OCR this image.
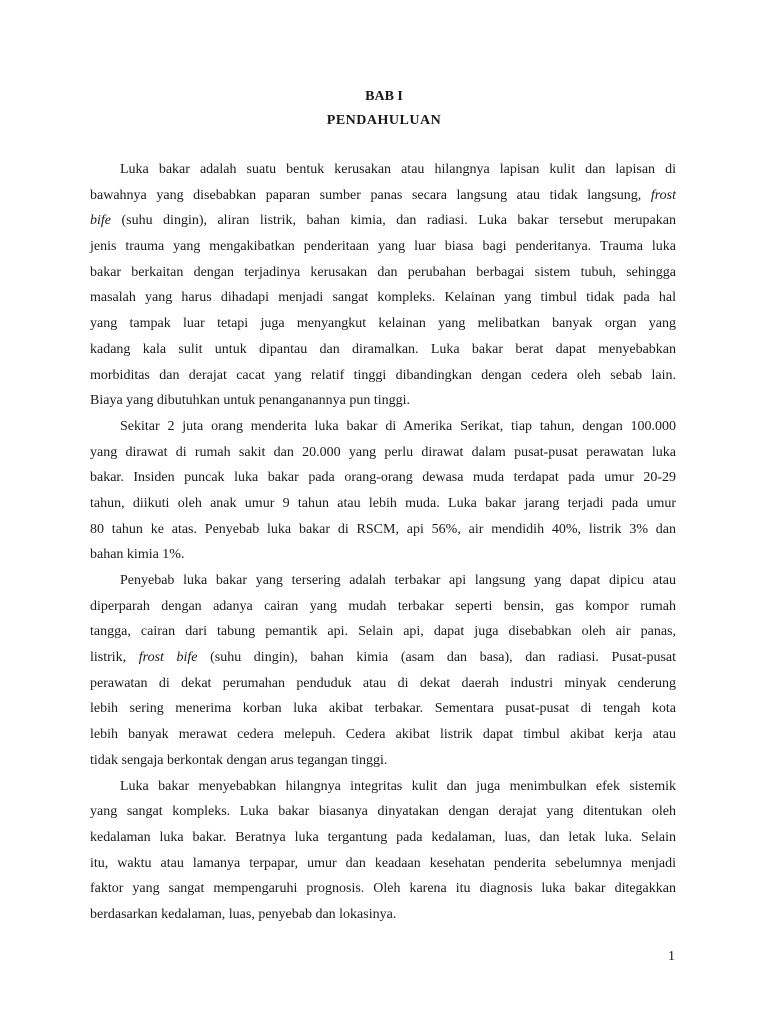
BAB I
PENDAHULUAN
Luka bakar adalah suatu bentuk kerusakan atau hilangnya lapisan kulit dan lapisan di
bawahnya yang disebabkan paparan sumber panas secara langsung atau tidak langsung, frost
bife (suhu dingin), aliran listrik, bahan kimia, dan radiasi. Luka bakar tersebut merupakan
jenis trauma yang mengakibatkan penderitaan yang luar biasa bagi penderitanya. Trauma luka
bakar berkaitan dengan terjadinya kerusakan dan perubahan berbagai sistem tubuh, sehingga
masalah yang harus dihadapi menjadi sangat kompleks. Kelainan yang timbul tidak pada hal
yang tampak luar tetapi juga menyangkut kelainan yang melibatkan banyak organ yang
kadang kala sulit untuk dipantau dan diramalkan. Luka bakar berat dapat menyebabkan
morbiditas dan derajat cacat yang relatif tinggi dibandingkan dengan cedera oleh sebab lain.
Biaya yang dibutuhkan untuk penanganannya pun tinggi.
Sekitar 2 juta orang menderita luka bakar di Amerika Serikat, tiap tahun, dengan 100.000
yang dirawat di rumah sakit dan 20.000 yang perlu dirawat dalam pusat-pusat perawatan luka
bakar. Insiden puncak luka bakar pada orang-orang dewasa muda terdapat pada umur 20-29
tahun, diikuti oleh anak umur 9 tahun atau lebih muda. Luka bakar jarang terjadi pada umur
80 tahun ke atas. Penyebab luka bakar di RSCM, api 56%, air mendidih 40%, listrik 3% dan
bahan kimia 1%.
Penyebab luka bakar yang tersering adalah terbakar api langsung yang dapat dipicu atau
diperparah dengan adanya cairan yang mudah terbakar seperti bensin, gas kompor rumah
tangga, cairan dari tabung pemantik api. Selain api, dapat juga disebabkan oleh air panas,
listrik, frost bife (suhu dingin), bahan kimia (asam dan basa), dan radiasi. Pusat-pusat
perawatan di dekat perumahan penduduk atau di dekat daerah industri minyak cenderung
lebih sering menerima korban luka akibat terbakar. Sementara pusat-pusat di tengah kota
lebih banyak merawat cedera melepuh. Cedera akibat listrik dapat timbul akibat kerja atau
tidak sengaja berkontak dengan arus tegangan tinggi.
Luka bakar menyebabkan hilangnya integritas kulit dan juga menimbulkan efek sistemik
yang sangat kompleks. Luka bakar biasanya dinyatakan dengan derajat yang ditentukan oleh
kedalaman luka bakar. Beratnya luka tergantung pada kedalaman, luas, dan letak luka. Selain
itu, waktu atau lamanya terpapar, umur dan keadaan kesehatan penderita sebelumnya menjadi
faktor yang sangat mempengaruhi prognosis. Oleh karena itu diagnosis luka bakar ditegakkan
berdasarkan kedalaman, luas, penyebab dan lokasinya.
1
